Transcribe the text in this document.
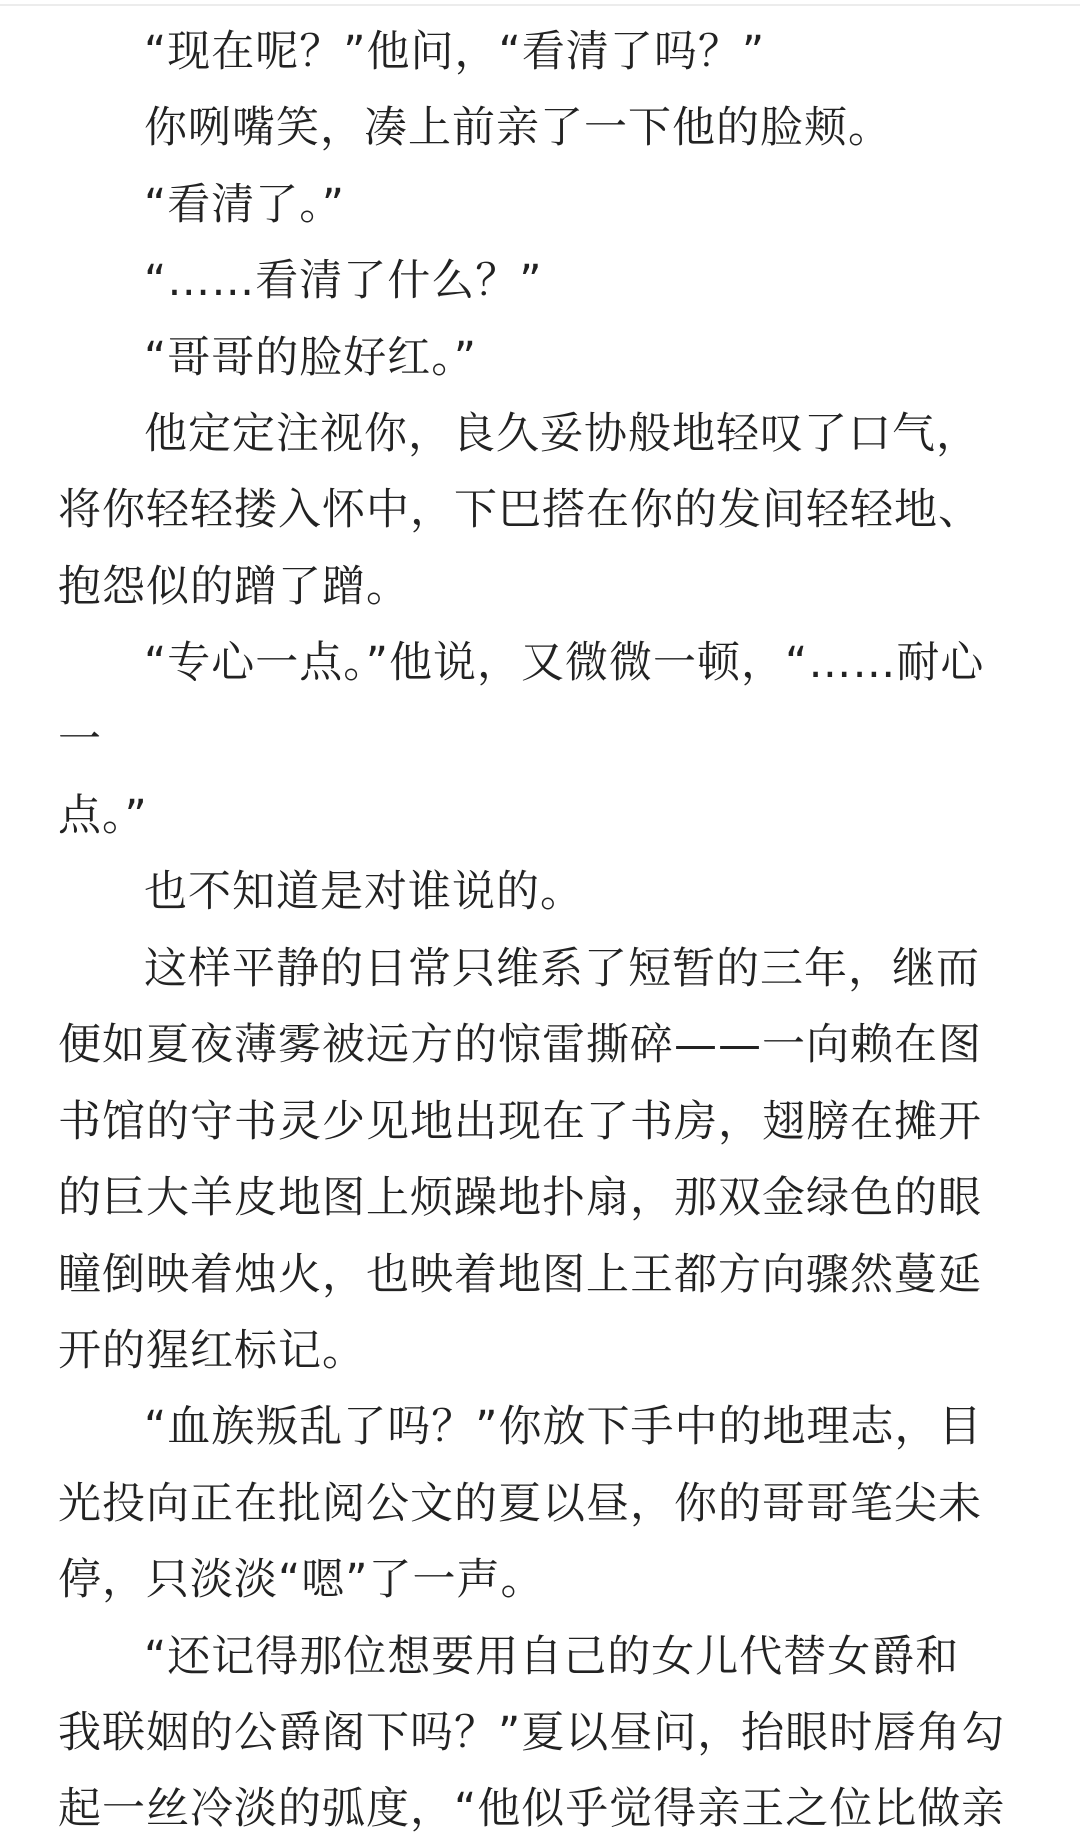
“现在呢？”他问，“看清了吗？”

你咧嘴笑，凑上前亲了一下他的脸颊。

“看清了。”

“……看清了什么？”

“哥哥的脸好红。”

他定定注视你，良久妥协般地轻叹了口气，
将你轻轻搂入怀中，下巴搭在你的发间轻轻地、
抱怨似的蹭了蹭。

“专心一点。”他说，又微微一顿，“……耐心一
点。”

也不知道是对谁说的。

这样平静的日常只维系了短暂的三年，继而
便如夏夜薄雾被远方的惊雷撕碎——一向赖在图
书馆的守书灵少见地出现在了书房，翅膀在摊开
的巨大羊皮地图上烦躁地扑扇，那双金绿色的眼
瞳倒映着烛火，也映着地图上王都方向骤然蔓延
开的猩红标记。

“血族叛乱了吗？”你放下手中的地理志，目
光投向正在批阅公文的夏以昼，你的哥哥笔尖未
停，只淡淡“嗯”了一声。

“还记得那位想要用自己的女儿代替女爵和
我联姻的公爵阁下吗？”夏以昼问，抬眼时唇角勾
起一丝冷淡的弧度，“他似乎觉得亲王之位比做亲
